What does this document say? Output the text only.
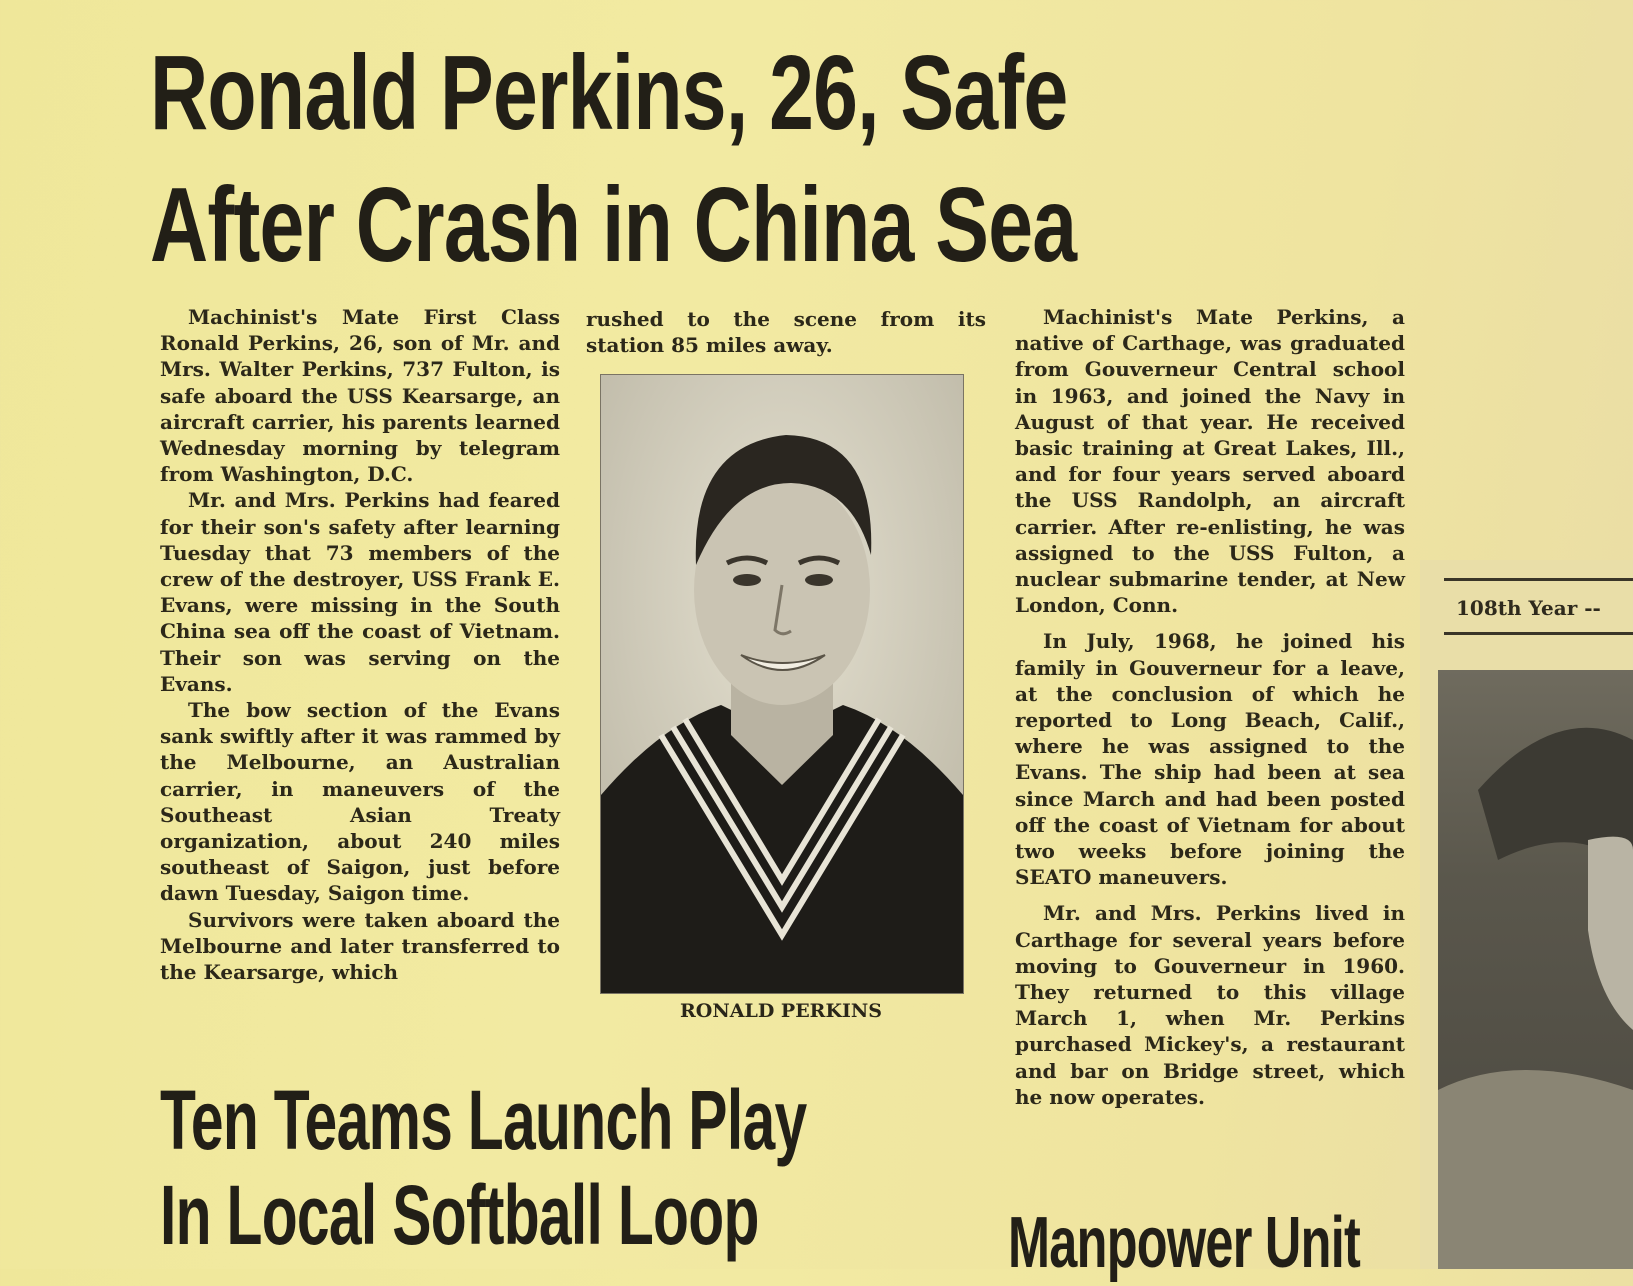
Ronald Perkins, 26, Safe
After Crash in China Sea

Machinist's Mate First Class Ronald Perkins, 26, son of Mr. and Mrs. Walter Perkins, 737 Fulton, is safe aboard the USS Kearsarge, an aircraft carrier, his parents learned Wednesday morning by telegram from Washington, D.C.

Mr. and Mrs. Perkins had feared for their son's safety after learning Tuesday that 73 members of the crew of the destroyer, USS Frank E. Evans, were missing in the South China sea off the coast of Vietnam. Their son was serving on the Evans.

The bow section of the Evans sank swiftly after it was rammed by the Melbourne, an Australian carrier, in maneuvers of the Southeast Asian Treaty organization, about 240 miles southeast of Saigon, just before dawn Tuesday, Saigon time.

Survivors were taken aboard the Melbourne and later transferred to the Kearsarge, which

rushed to the scene from its station 85 miles away.

RONALD PERKINS

Machinist's Mate Perkins, a native of Carthage, was graduated from Gouverneur Central school in 1963, and joined the Navy in August of that year. He received basic training at Great Lakes, Ill., and for four years served aboard the USS Randolph, an aircraft carrier. After re-enlisting, he was assigned to the USS Fulton, a nuclear submarine tender, at New London, Conn.

In July, 1968, he joined his family in Gouverneur for a leave, at the conclusion of which he reported to Long Beach, Calif., where he was assigned to the Evans. The ship had been at sea since March and had been posted off the coast of Vietnam for about two weeks before joining the SEATO maneuvers.

Mr. and Mrs. Perkins lived in Carthage for several years before moving to Gouverneur in 1960. They returned to this village March 1, when Mr. Perkins purchased Mickey's, a restaurant and bar on Bridge street, which he now operates.

Ten Teams Launch Play
In Local Softball Loop	Manpower Unit
108th Year --
